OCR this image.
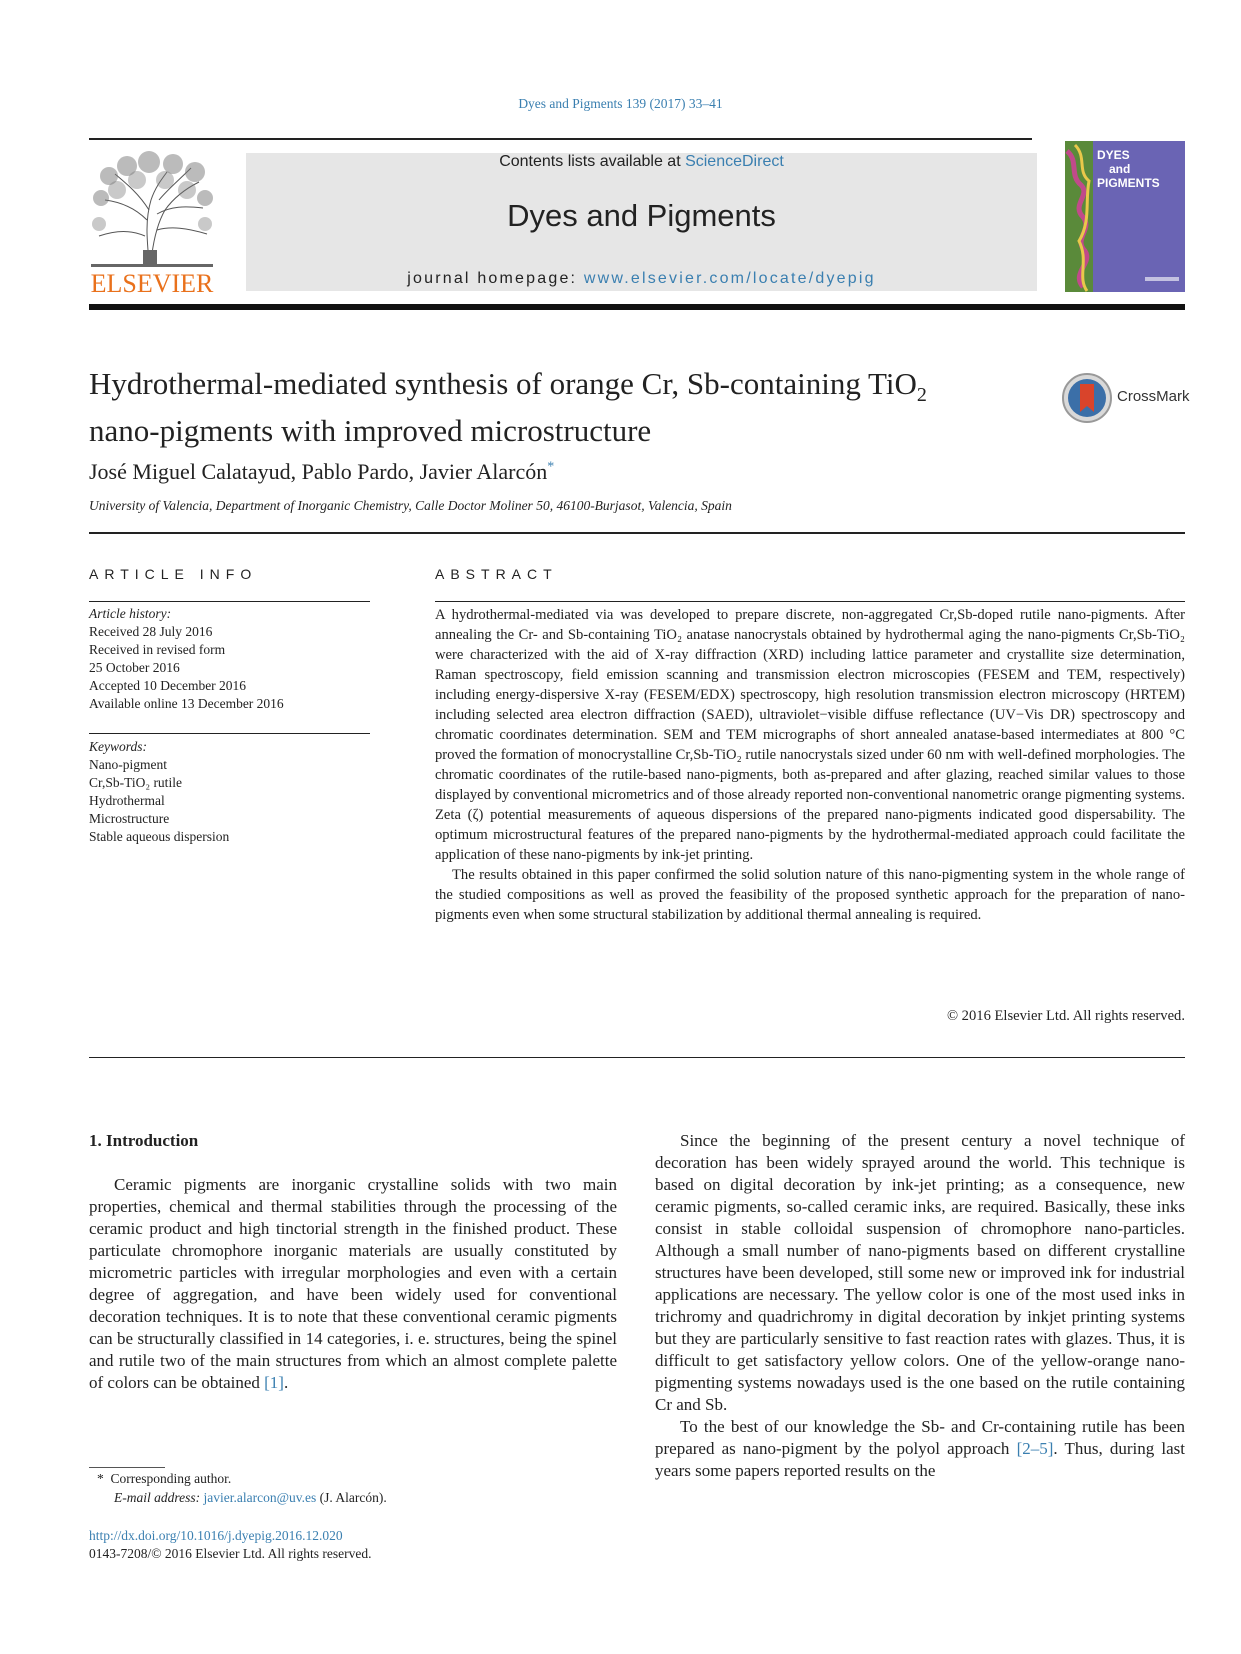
Dyes and Pigments 139 (2017) 33–41
ELSEVIER
Contents lists available at ScienceDirect
Dyes and Pigments
journal homepage: www.elsevier.com/locate/dyepig
DYES
and
PIGMENTS
Hydrothermal-mediated synthesis of orange Cr, Sb-containing TiO$_2$
nano-pigments with improved microstructure
CrossMark
José Miguel Calatayud, Pablo Pardo, Javier Alarcón*
University of Valencia, Department of Inorganic Chemistry, Calle Doctor Moliner 50, 46100-Burjasot, Valencia, Spain
ARTICLE INFO
Article history:
Received 28 July 2016
Received in revised form
25 October 2016
Accepted 10 December 2016
Available online 13 December 2016
Keywords:
Nano-pigment
Cr,Sb-TiO₂ rutile
Hydrothermal
Microstructure
Stable aqueous dispersion
ABSTRACT

A hydrothermal-mediated via was developed to prepare discrete, non-aggregated Cr,Sb-doped rutile nano-pigments. After annealing the Cr- and Sb-containing TiO₂ anatase nanocrystals obtained by hydrothermal aging the nano-pigments Cr,Sb-TiO₂ were characterized with the aid of X-ray diffraction (XRD) including lattice parameter and crystallite size determination, Raman spectroscopy, field emission scanning and transmission electron microscopies (FESEM and TEM, respectively) including energy-dispersive X-ray (FESEM/EDX) spectroscopy, high resolution transmission electron microscopy (HRTEM) including selected area electron diffraction (SAED), ultraviolet−visible diffuse reflectance (UV−Vis DR) spectroscopy and chromatic coordinates determination. SEM and TEM micrographs of short annealed anatase-based intermediates at 800 °C proved the formation of monocrystalline Cr,Sb-TiO₂ rutile nanocrystals sized under 60 nm with well-defined morphologies. The chromatic coordinates of the rutile-based nano-pigments, both as-prepared and after glazing, reached similar values to those displayed by conventional micrometrics and of those already reported non-conventional nanometric orange pigmenting systems. Zeta (ζ) potential measurements of aqueous dispersions of the prepared nano-pigments indicated good dispersability. The optimum microstructural features of the prepared nano-pigments by the hydrothermal-mediated approach could facilitate the application of these nano-pigments by ink-jet printing.

The results obtained in this paper confirmed the solid solution nature of this nano-pigmenting system in the whole range of the studied compositions as well as proved the feasibility of the proposed synthetic approach for the preparation of nano-pigments even when some structural stabilization by additional thermal annealing is required.

© 2016 Elsevier Ltd. All rights reserved.
1. Introduction

Ceramic pigments are inorganic crystalline solids with two main properties, chemical and thermal stabilities through the processing of the ceramic product and high tinctorial strength in the finished product. These particulate chromophore inorganic materials are usually constituted by micrometric particles with irregular morphologies and even with a certain degree of aggregation, and have been widely used for conventional decoration techniques. It is to note that these conventional ceramic pigments can be structurally classified in 14 categories, i. e. structures, being the spinel and rutile two of the main structures from which an almost complete palette of colors can be obtained [1].

Since the beginning of the present century a novel technique of decoration has been widely sprayed around the world. This technique is based on digital decoration by ink-jet printing; as a consequence, new ceramic pigments, so-called ceramic inks, are required. Basically, these inks consist in stable colloidal suspension of chromophore nano-particles. Although a small number of nano-pigments based on different crystalline structures have been developed, still some new or improved ink for industrial applications are necessary. The yellow color is one of the most used inks in trichromy and quadrichromy in digital decoration by inkjet printing systems but they are particularly sensitive to fast reaction rates with glazes. Thus, it is difficult to get satisfactory yellow colors. One of the yellow-orange nano-pigmenting systems nowadays used is the one based on the rutile containing Cr and Sb.

To the best of our knowledge the Sb- and Cr-containing rutile has been prepared as nano-pigment by the polyol approach [2–5]. Thus, during last years some papers reported results on the

* Corresponding author.
E-mail address: javier.alarcon@uv.es (J. Alarcón).
http://dx.doi.org/10.1016/j.dyepig.2016.12.020
0143-7208/© 2016 Elsevier Ltd. All rights reserved.
